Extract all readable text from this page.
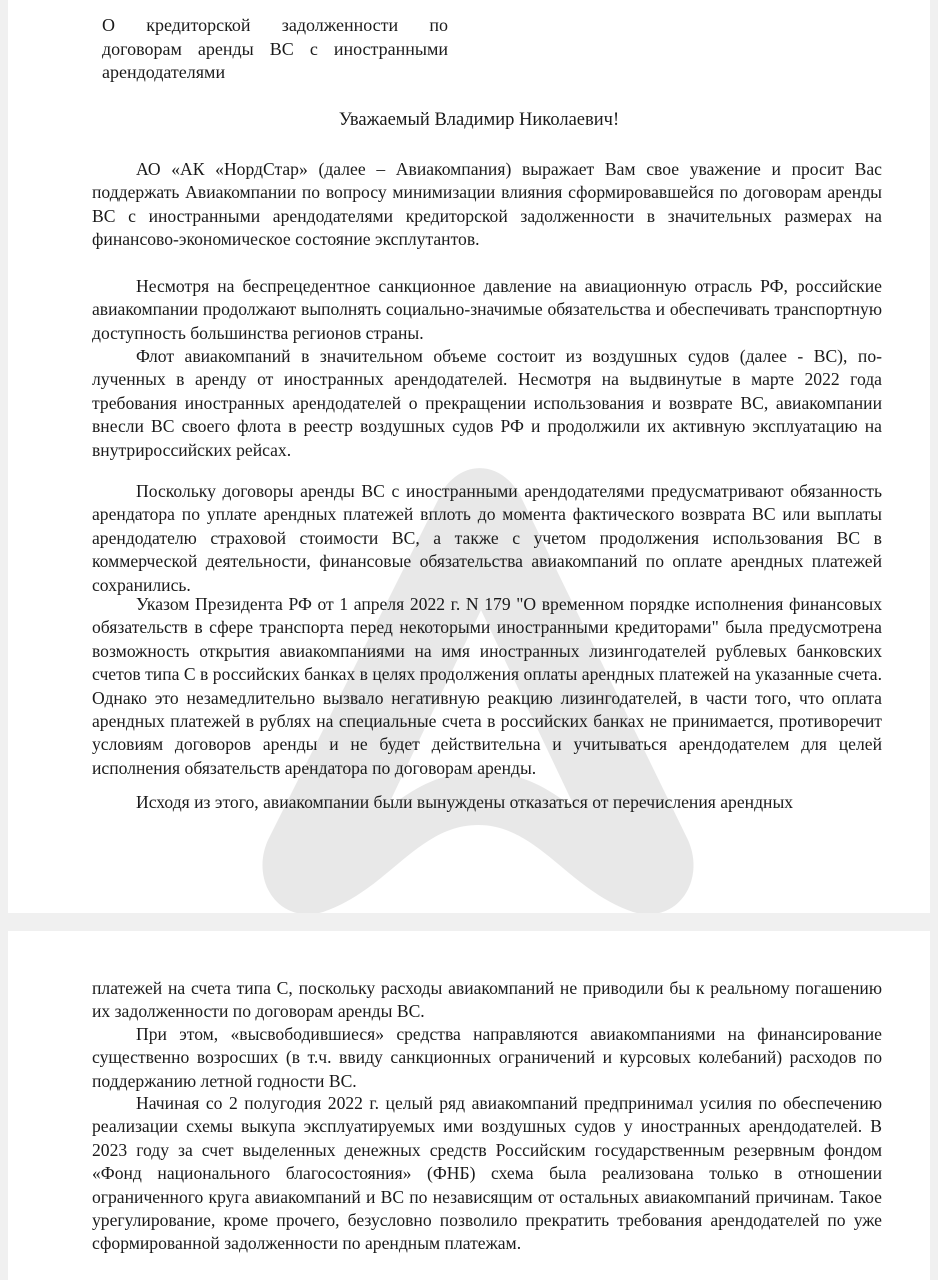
О кредиторской задолженности по договорам аренды ВС с иностранными арендодателями

Уважаемый Владимир Николаевич!

АО «АК «НордСтар» (далее – Авиакомпания) выражает Вам свое уважение и просит Вас поддержать Авиакомпании по вопросу минимизации влияния сформировавшейся по договорам аренды ВС с иностранными арендодателями кредиторской задолженности в значительных размерах на финансово-экономическое состояние эксплутантов.

Несмотря на беспрецедентное санкционное давление на авиационную отрасль РФ, российские авиакомпании продолжают выполнять социально-значимые обязательства и обеспечивать транспортную доступность большинства регионов страны.

Флот авиакомпаний в значительном объеме состоит из воздушных судов (далее - ВС), по- лученных в аренду от иностранных арендодателей. Несмотря на выдвинутые в марте 2022 года требования иностранных арендодателей о прекращении использования и возврате ВС, авиакомпании внесли ВС своего флота в реестр воздушных судов РФ и продолжили их активную эксплуатацию на внутрироссийских рейсах.

Поскольку договоры аренды ВС с иностранными арендодателями предусматривают обязанность арендатора по уплате арендных платежей вплоть до момента фактического возврата ВС или выплаты арендодателю страховой стоимости ВС, а также с учетом продолжения использования ВС в коммерческой деятельности, финансовые обязательства авиакомпаний по оплате арендных платежей сохранились.

Указом Президента РФ от 1 апреля 2022 г. N 179 "О временном порядке исполнения финансовых обязательств в сфере транспорта перед некоторыми иностранными кредиторами" была предусмотрена возможность открытия авиакомпаниями на имя иностранных лизингодателей рублевых банковских счетов типа С в российских банках в целях продолжения оплаты арендных платежей на указанные счета. Однако это незамедлительно вызвало негативную реакцию лизингодателей, в части того, что оплата арендных платежей в рублях на специальные счета в российских банках не принимается, противоречит условиям договоров аренды и не будет действительна и учитываться арендодателем для целей исполнения обязательств арендатора по договорам аренды.

Исходя из этого, авиакомпании были вынуждены отказаться от перечисления арендных

платежей на счета типа С, поскольку расходы авиакомпаний не приводили бы к реальному погашению их задолженности по договорам аренды ВС.

При этом, «высвободившиеся» средства направляются авиакомпаниями на финансирование существенно возросших (в т.ч. ввиду санкционных ограничений и курсовых колебаний) расходов по поддержанию летной годности ВС.

Начиная со 2 полугодия 2022 г. целый ряд авиакомпаний предпринимал усилия по обеспечению реализации схемы выкупа эксплуатируемых ими воздушных судов у иностранных арендодателей. В 2023 году за счет выделенных денежных средств Российским государственным резервным фондом «Фонд национального благосостояния» (ФНБ) схема была реализована только в отношении ограниченного круга авиакомпаний и ВС по независящим от остальных авиакомпаний причинам. Такое урегулирование, кроме прочего, безусловно позволило прекратить требования арендодателей по уже сформированной задолженности по арендным платежам.
